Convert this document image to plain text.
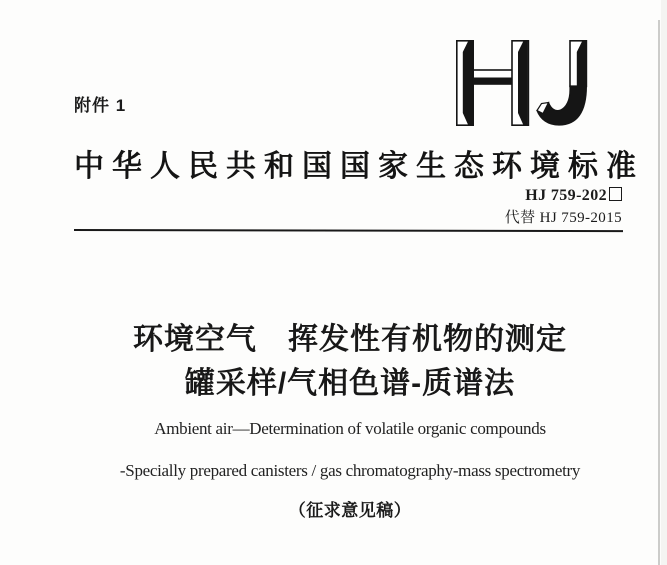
附件 1
中华人民共和国国家生态环境标准
HJ 759-202
代替 HJ 759-2015
环境空气　挥发性有机物的测定
罐采样/气相色谱-质谱法
Ambient air—Determination of volatile organic compounds
-Specially prepared canisters / gas chromatography-mass spectrometry
（征求意见稿）
